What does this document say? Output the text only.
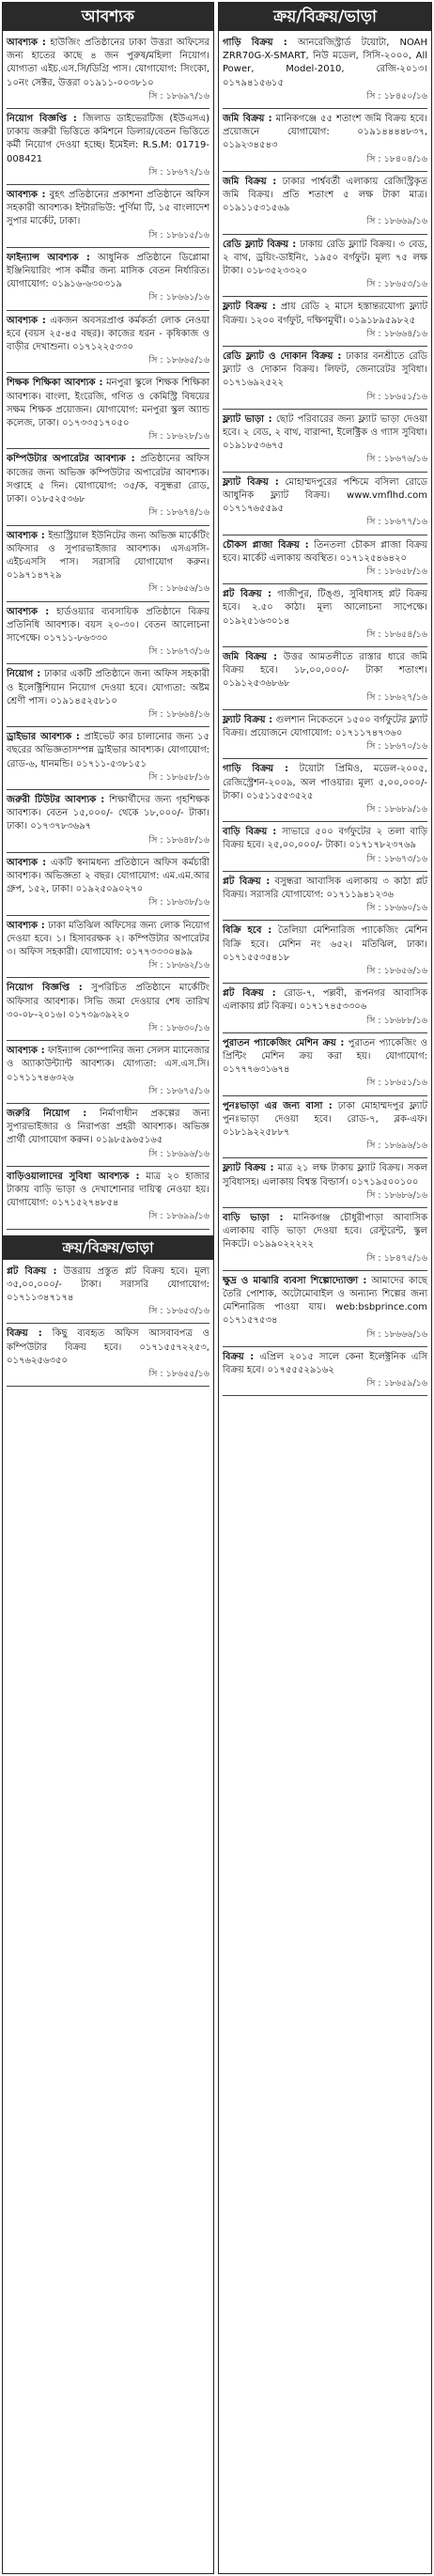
আবশ্যক
আবশ্যক : হাউজিং প্রতিষ্ঠানের ঢাকা উত্তরা অফিসের জন্য হাতের কাছে ৪ জন পুরুষ/মহিলা নিয়োগ। যোগ্যতা এইচ.এস.সি/ডিগ্রি পাস। যোগাযোগ: সিংকো, ১০নং সেক্টর, উত্তরা ০১৯১১-০০৩৮১০
সি : ১৮৬৯৭/১৬
নিয়োগ বিজ্ঞপ্তি : জিলাড ডাইভেরটিজ (ইউএসএ) ঢাকায় জরুরী ভিত্তিতে কমিশনে ডিলার/বেতন ভিত্তিতে কর্মী নিয়োগ দেওয়া হচ্ছে। ইমেইল: R.S.M: 01719-008421
সি : ১৮৬৭২/১৬
আবশ্যক : বুহৎ প্রতিষ্ঠানের প্রকাশনা প্রতিষ্ঠানে অফিস সহকারী আবশ্যক। ইন্টারভিউ: পুর্ণিমা টি, ১৫ বাংলাদেশ সুপার মার্কেট, ঢাকা।
সি : ১৮৬১৫/১৬
ফাইন্যান্স আবশ্যক : আধুনিক প্রতিষ্ঠানে ডিপ্লোমা ইঞ্জিনিয়ারিং পাস কর্মীর জন্য মাসিক বেতন নির্ধারিত। যোগাযোগ: ০১৯১৬-৬৩০৩১৯
সি : ১৮৬৬১/১৬
আবশ্যক : একজন অবসরপ্রাপ্ত কর্মকর্তা লোক নেওয়া হবে (বয়স ২৫-৪৫ বছর)। কাজের ধরন - কৃষিকাজ ও বাড়ীর দেখাশুনা। ০১৭১২২৫৩৩০
সি : ১৮৬৬৫/১৬
শিক্ষক শিক্ষিকা আবশ্যক : মনপুরা স্কুলে শিক্ষক শিক্ষিকা আবশ্যক। বাংলা, ইংরেজি, গণিত ও কেমিস্ট্রি বিষয়ের সক্ষম শিক্ষক প্রয়োজন। যোগাযোগ: মনপুরা স্কুল অ্যান্ড কলেজ, ঢাকা। ০১৭৩৩৫১৭০৫০
সি : ১৮৬২৮/১৬
কম্পিউটার অপারেটর আবশ্যক : প্রতিষ্ঠানের অফিস কাজের জন্য অভিজ্ঞ কম্পিউটার অপারেটর আবশ্যক। সপ্তাহে ৫ দিন। যোগাযোগ: ৩৫/ক, বসুন্ধরা রোড, ঢাকা। ০১৮৫২৫৩৬৮
সি : ১৮৬৭৪/১৬
আবশ্যক : ইন্ডাস্ট্রিয়াল ইউনিটের জন্য অভিজ্ঞ মার্কেটিং অফিসার ও সুপারভাইজার আবশ্যক। এসএসসি-এইচএসসি পাস। সরাসরি যোগাযোগ করুন। ০১৯৭১৪৭২৯
সি : ১৮৬৫৬/১৬
আবশ্যক : হার্ডওয়্যার ব্যবসায়িক প্রতিষ্ঠানে বিক্রয় প্রতিনিধি আবশ্যক। বয়স ২০-৩০। বেতন আলোচনা সাপেক্ষে। ০১৭১১-৮৬৩৩০
সি : ১৮৬৭৩/১৬
নিয়োগ : ঢাকার একটি প্রতিষ্ঠানে জন্য অফিস সহকারী ও ইলেক্ট্রিশিয়ান নিয়োগ দেওয়া হবে। যোগ্যতা: অষ্টম শ্রেণী পাস। ০১৯১৪৫২৫৮১০
সি : ১৮৬৬৪/১৬
ড্রাইভার আবশ্যক : প্রাইভেট কার চালানোর জন্য ১৫ বছরের অভিজ্ঞতাসম্পন্ন ড্রাইভার আবশ্যক। যোগাযোগ: রোড-৬, ধানমন্ডি। ০১৭১১-৫৩৮১৫১
সি : ১৮৬৫৮/১৬
জরুরী টিউটর আবশ্যক : শিক্ষার্থীদের জন্য গৃহশিক্ষক আবশ্যক। বেতন ১৫,০০০/- থেকে ১৮,০০০/- টাকা। ঢাকা। ০১৭৩৭৮৩৬৯৭
সি : ১৮৬৪৮/১৬
আবশ্যক : একটি স্বনামধন্য প্রতিষ্ঠানে অফিস কর্মচারী আবশ্যক। অভিজ্ঞতা ২ বছর। যোগাযোগ: এম.এম.আর গ্রুপ, ১৫২, ঢাকা। ০১৯২৫০৯০২৭০
সি : ১৮৬৩৮/১৬
আবশ্যক : ঢাকা মতিঝিল অফিসের জন্য লোক নিয়োগ দেওয়া হবে। ১। হিসাবরক্ষক ২। কম্পিউটার অপারেটর ৩। অফিস সহকারী। যোগাযোগ: ০১৭৭৩৩৩০৪৯৯
সি : ১৮৬৬২/১৬
নিয়োগ বিজ্ঞপ্তি : সুপরিচিত প্রতিষ্ঠানে মার্কেটিং অফিসার আবশ্যক। সিভি জমা দেওয়ার শেষ তারিখ ৩০-০৮-২০১৬। ০১৭৩৯৩৯২২০
সি : ১৮৬৩০/১৬
আবশ্যক : ফাইন্যান্স কোম্পানির জন্য সেলস ম্যানেজার ও অ্যাকাউন্ট্যান্ট আবশ্যক। যোগ্যতা: এস.এস.সি। ০১৭১১৭৪৬৩২৬
সি : ১৮৬৭৫/১৬
জরুরি নিয়োগ : নির্মাণাধীন প্রকল্পের জন্য সুপারভাইজার ও নিরাপত্তা প্রহরী আবশ্যক। অভিজ্ঞ প্রার্থী যোগাযোগ করুন। ০১৯৮৫৯৬৫১৬৫
সি : ১৮৬৯৬/১৬
বাড়িওয়ালাদের সুবিধা আবশ্যক : মাত্র ২০ হাজার টাকায় বাড়ি ভাড়া ও দেখাশোনার দায়িত্ব নেওয়া হয়। যোগাযোগ: ০১৭১৫২৭৪৮৫৪
সি : ১৮৬৯৯/১৬
ক্রয়/বিক্রয়/ভাড়া
প্লট বিক্রয় : উত্তরায় প্রস্তুত প্লট বিক্রয় হবে। মূল্য ৩৫,০০,০০০/- টাকা। সরাসরি যোগাযোগ: ০১৭১১৩৪৭১৭৪
সি : ১৮৬৫৩/১৬
বিক্রয় : কিছু ব্যবহৃত অফিস আসবাবপত্র ও কম্পিউটার বিক্রয় হবে। ০১৭১৫৫৭২২৫৩, ০১৭৬২৫৬৩৫০
সি : ১৮৬৫৫/১৬
ক্রয়/বিক্রয়/ভাড়া
গাড়ি বিক্রয় : আনরেজিস্ট্রার্ড টয়োটা, NOAH ZRR70G-X-SMART, নিউ মডেল, সিসি-২০০০, All Power, Model-2010, রেজি-২০১৩। ০১৭৯৪১৫৬১৫
সি : ১৮৪৫০/১৬
জমি বিক্রয় : মানিকগঞ্জে ৫৫ শতাংশ জমি বিক্রয় হবে। প্রয়োজনে যোগাযোগ: ০১৯১৪৪৪৪৮৩৭, ০১৯২৩৪৫৪৩
সি : ১৮৪০৪/১৬
জমি বিক্রয় : ঢাকার পার্শ্ববর্তী এলাকায় রেজিস্ট্রিকৃত জমি বিক্রয়। প্রতি শতাংশ ৫ লক্ষ টাকা মাত্র। ০১৯১১৫৩১৫৬৯
সি : ১৮৬৬৯/১৬
রেডি ফ্ল্যাট বিক্রয় : ঢাকায় রেডি ফ্ল্যাট বিক্রয়। ৩ বেড, ২ বাথ, ড্রয়িং-ডাইনিং, ১৯৫০ বর্গফুট। মূল্য ৭৫ লক্ষ টাকা। ০১৮৩৫২৩৩২০
সি : ১৮৬৫৩/১৬
ফ্ল্যাট বিক্রয় : প্রায় রেডি ২ মাসে হস্তান্তরযোগ্য ফ্ল্যাট বিক্রয়। ১২০০ বর্গফুট, দক্ষিণমুখী। ০১৯১৮৯৫৯৮২৫
সি : ১৮৬৬৪/১৬
রেডি ফ্ল্যাট ও দোকান বিক্রয় : ঢাকার বনশ্রীতে রেডি ফ্ল্যাট ও দোকান বিক্রয়। লিফট, জেনারেটর সুবিধা। ০১৭১৬৯২৫২২
সি : ১৮৬৫১/১৬
ফ্ল্যাট ভাড়া : ছোট পরিবারের জন্য ফ্ল্যাট ভাড়া দেওয়া হবে। ২ বেড, ২ বাথ, বারান্দা, ইলেক্ট্রিক ও গ্যাস সুবিধা। ০১৯১৮৫৩৬৭৫
সি : ১৮৬৭৬/১৬
ফ্ল্যাট বিক্রয় : মোহাম্মদপুরের পশ্চিমে বসিলা রোডে আধুনিক ফ্ল্যাট বিক্রয়। www.vmflhd.com ০১৭১৭৬৫৫৯৫
সি : ১৮৬৭৭/১৬
চৌকস প্লাজা বিক্রয় : তিনতলা চৌকস প্লাজা বিক্রয় হবে। মার্কেট এলাকায় অবস্থিত। ০১৭১২৫৪৬৪২০
সি : ১৮৬৫৮/১৬
প্লট বিক্রয় : গাজীপুর, টিঙ্গু, সুবিধাসহ প্লট বিক্রয় হবে। ২.৫০ কাঠা। মূল্য আলোচনা সাপেক্ষে। ০১৯২৫১৬৩০১৪
সি : ১৮৬৫৪/১৬
জমি বিক্রয় : উত্তর আমতলীতে রাস্তার ধারে জমি বিক্রয় হবে। ১৮,০০,০০০/- টাকা শতাংশ। ০১৯১২৫৩৬৮৬৮
সি : ১৮৬২৭/১৬
ফ্ল্যাট বিক্রয় : গুলশান নিকেতনে ১৫০০ বর্গফুটের ফ্ল্যাট বিক্রয়। প্রয়োজনে যোগাযোগ: ০১৭১১৭৪৭৩৬০
সি : ১৮৬৭০/১৬
গাড়ি বিক্রয় : টয়োটা প্রিমিও, মডেল-২০০৫, রেজিস্ট্রেশন-২০০৯, অল পাওয়ার। মূল্য ৫,০০,০০০/- টাকা। ০১৫১১৫৫৩৫২৫
সি : ১৮৬৮৯/১৬
বাড়ি বিক্রয় : সাভারে ৫০০ বর্গফুটের ২ তলা বাড়ি বিক্রয় হবে। ২৫,০০,০০০/- টাকা। ০১৭১৭৮২৩৭৬৯
সি : ১৮৬৭৩/১৬
প্লট বিক্রয় : বসুন্ধরা আবাসিক এলাকায় ৩ কাঠা প্লট বিক্রয়। সরাসরি যোগাযোগ: ০১৭১১৯৪১২৩৬
সি : ১৮৬৬০/১৬
বিক্রি হবে : তৈলিয়া মেশিনারিজ প্যাকেজিং মেশিন বিক্রি হবে। মেশিন নং ৬৫২। মতিঝিল, ঢাকা। ০১৭১৫৫৩৫৪১৮
সি : ১৮৬৫৬/১৬
প্লট বিক্রয় : রোড-৭, পল্লবী, রূপনগর আবাসিক এলাকায় প্লট বিক্রয়। ০১৭১৭৪৫৩৩০৬
সি : ১৮৬৮৮/১৬
পুরাতন প্যাকেজিং মেশিন ক্রয় : পুরাতন প্যাকেজিং ও প্রিন্টিং মেশিন ক্রয় করা হয়। যোগাযোগ: ০১৭৭৭৬৩১৬৭৪
সি : ১৮৬৫১/১৬
পুনঃভাড়া এর জন্য বাসা : ঢাকা মোহাম্মদপুর ফ্ল্যাট পুনঃভাড়া দেওয়া হবে। রোড-৭, ব্লক-এফ। ০১৮১৯২২৫৮৮৭
সি : ১৮৬৯৬/১৬
ফ্ল্যাট বিক্রয় : মাত্র ২১ লক্ষ টাকায় ফ্ল্যাট বিক্রয়। সকল সুবিধাসহ। এলাকায় বিশ্বস্ত বিল্ডার্স। ০১৭১৯৫০০১০০
সি : ১৮৬৮৬/১৬
বাড়ি ভাড়া : মানিকগঞ্জ চৌধুরীপাড়া আবাসিক এলাকায় বাড়ি ভাড়া দেওয়া হবে। রেস্টুরেন্ট, স্কুল নিকটে। ০১৯৯০২২২২২
সি : ১৮৪৭৫/১৬
ক্ষুদ্র ও মাঝারি ব্যবসা শিল্পোদ্যোক্তা : আমাদের কাছে তৈরি পোশাক, অটোমোবাইল ও অন্যান্য শিল্পের জন্য মেশিনারিজ পাওয়া যায়। web:bsbprince.com ০১৭১৫৭৫৩৪
সি : ১৮৬৬৬/১৬
বিক্রয় : এপ্রিল ২০১৫ সালে কেনা ইলেক্ট্রনিক এসি বিক্রয় হবে। ০১৭৫৫৫২৯১৬২
সি : ১৮৬৫৯/১৬
